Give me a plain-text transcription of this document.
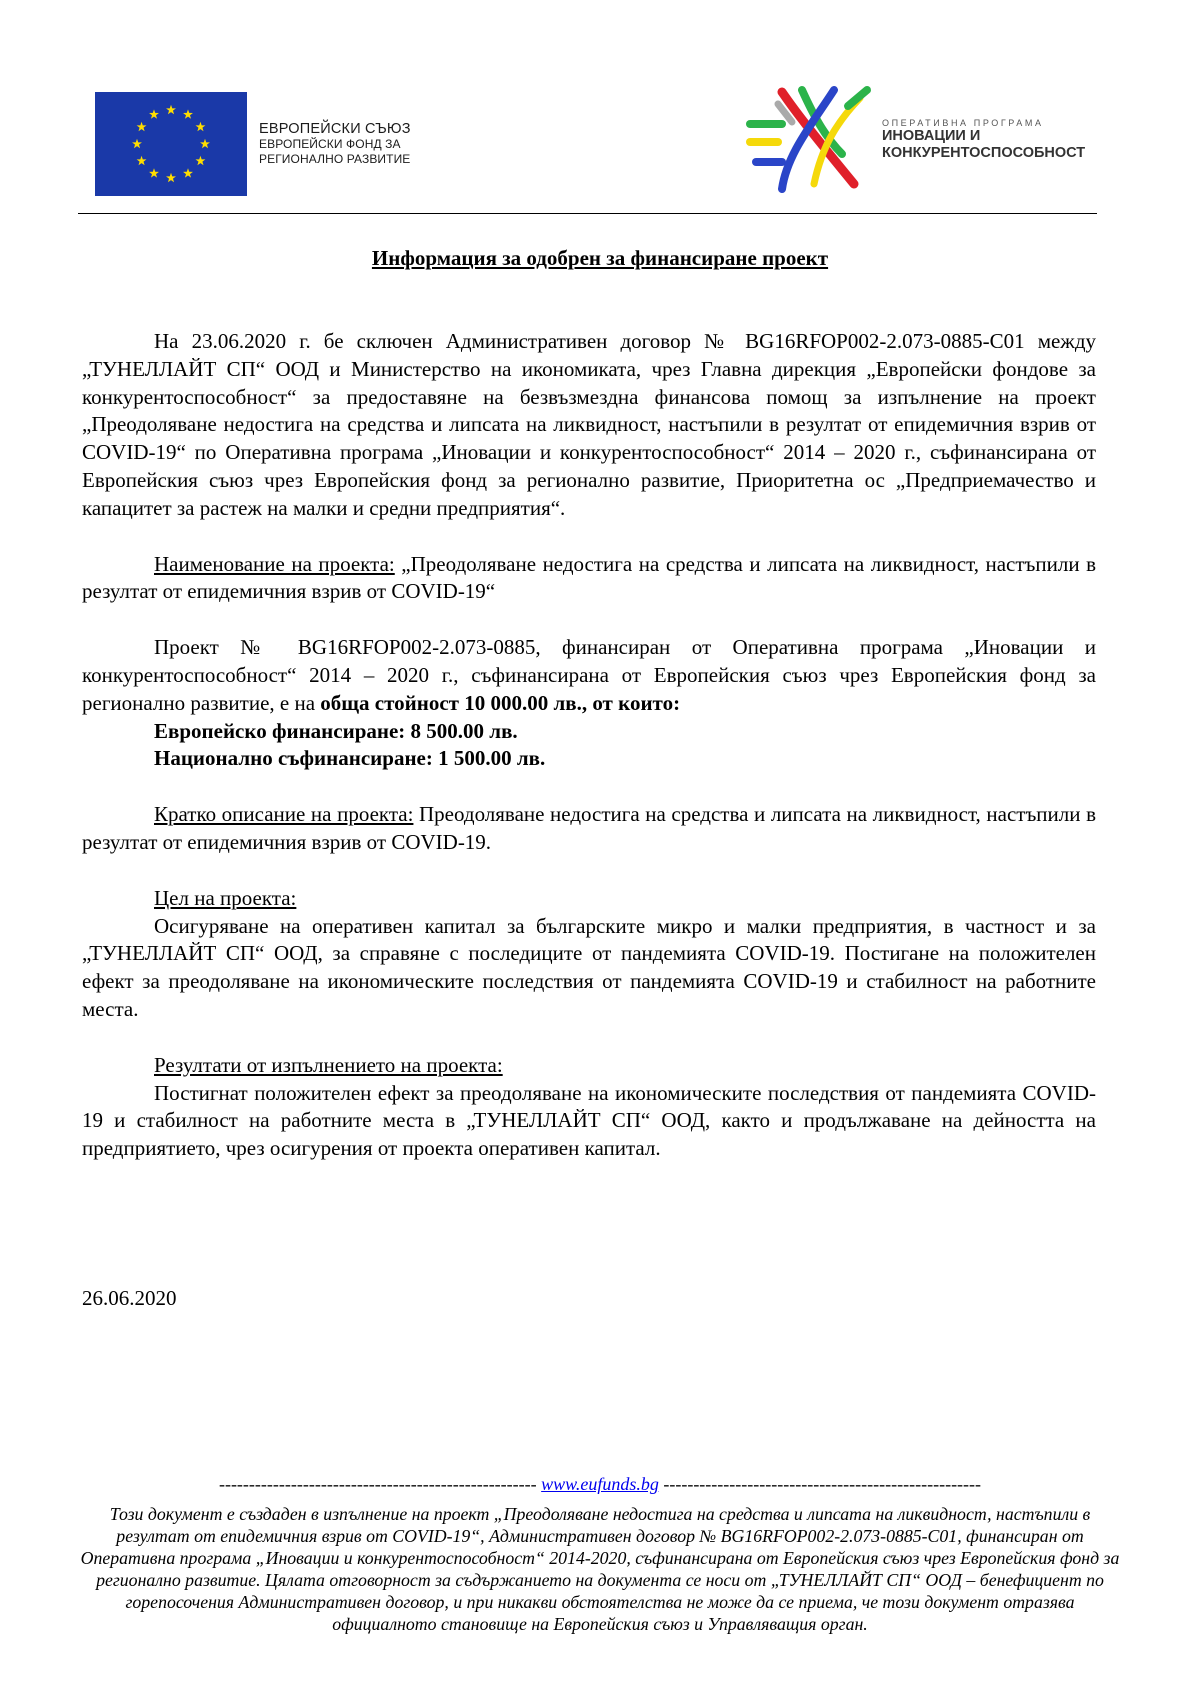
ЕВРОПЕЙСКИ СЪЮЗ
ЕВРОПЕЙСКИ ФОНД ЗА
РЕГИОНАЛНО РАЗВИТИЕ
ОПЕРАТИВНА ПРОГРАМА
ИНОВАЦИИ И
КОНКУРЕНТОСПОСОБНОСТ
Информация за одобрен за финансиране проект

На 23.06.2020 г. бе сключен Административен договор № BG16RFOP002-2.073-0885-C01 между „ТУНЕЛЛАЙТ СП“ ООД и Министерство на икономиката, чрез Главна дирекция „Европейски фондове за конкурентоспособност“ за предоставяне на безвъзмездна финансова помощ за изпълнение на проект „Преодоляване недостига на средства и липсата на ликвидност, настъпили в резултат от епидемичния взрив от COVID-19“ по Оперативна програма „Иновации и конкурентоспособност“ 2014 – 2020 г., съфинансирана от Европейския съюз чрез Европейския фонд за регионално развитие, Приоритетна ос „Предприемачество и капацитет за растеж на малки и средни предприятия“.

Наименование на проекта: „Преодоляване недостига на средства и липсата на ликвидност, настъпили в резултат от епидемичния взрив от COVID-19“

Проект № BG16RFOP002-2.073-0885, финансиран от Оперативна програма „Иновации и конкурентоспособност“ 2014 – 2020 г., съфинансирана от Европейския съюз чрез Европейския фонд за регионално развитие, е на обща стойност 10 000.00 лв., от които:

Европейско финансиране: 8 500.00 лв.
Национално съфинансиране: 1 500.00 лв.

Кратко описание на проекта: Преодоляване недостига на средства и липсата на ликвидност, настъпили в резултат от епидемичния взрив от COVID-19.

Цел на проекта:

Осигуряване на оперативен капитал за българските микро и малки предприятия, в частност и за „ТУНЕЛЛАЙТ СП“ ООД, за справяне с последиците от пандемията COVID-19. Постигане на положителен ефект за преодоляване на икономическите последствия от пандемията COVID-19 и стабилност на работните места.

Резултати от изпълнението на проекта:

Постигнат положителен ефект за преодоляване на икономическите последствия от пандемията COVID-19 и стабилност на работните места в „ТУНЕЛЛАЙТ СП“ ООД, както и продължаване на дейността на предприятието, чрез осигурения от проекта оперативен капитал.

26.06.2020
----------------------------------------------------- www.eufunds.bg -----------------------------------------------------
Този документ е създаден в изпълнение на проект „Преодоляване недостига на средства и липсата на ликвидност, настъпили в резултат от епидемичния взрив от COVID-19“, Административен договор № BG16RFOP002-2.073-0885-C01, финансиран от Оперативна програма „Иновации и конкурентоспособност“ 2014-2020, съфинансирана от Европейския съюз чрез Европейския фонд за регионално развитие. Цялата отговорност за съдържанието на документа се носи от „ТУНЕЛЛАЙТ СП“ ООД – бенефициент по горепосочения Административен договор, и при никакви обстоятелства не може да се приема, че този документ отразява официалното становище на Европейския съюз и Управляващия орган.
